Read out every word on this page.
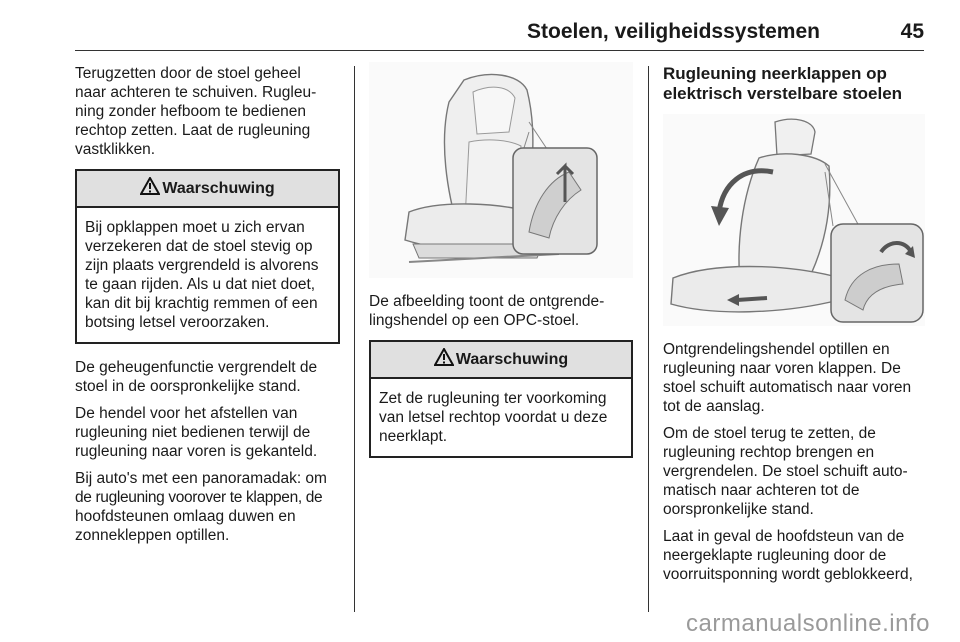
Stoelen, veiligheidssystemen	45

Terugzetten door de stoel geheel
naar achteren te schuiven. Rugleu-
ning zonder hefboom te bedienen
rechtop zetten. Laat de rugleuning
vastklikken.

Waarschuwing
Bij opklappen moet u zich ervan
verzekeren dat de stoel stevig op
zijn plaats vergrendeld is alvorens
te gaan rijden. Als u dat niet doet,
kan dit bij krachtig remmen of een
botsing letsel veroorzaken.

De geheugenfunctie vergrendelt de
stoel in de oorspronkelijke stand.

De hendel voor het afstellen van
rugleuning niet bedienen terwijl de
rugleuning naar voren is gekanteld.

Bij auto's met een panoramadak: om
de rugleuning voorover te klappen, de
hoofdsteunen omlaag duwen en
zonnekleppen optillen.

De afbeelding toont de ontgrende-
lingshendel op een OPC-stoel.

Waarschuwing
Zet de rugleuning ter voorkoming
van letsel rechtop voordat u deze
neerklapt.
Rugleuning neerklappen op
elektrisch verstelbare stoelen

Ontgrendelingshendel optillen en
rugleuning naar voren klappen. De
stoel schuift automatisch naar voren
tot de aanslag.

Om de stoel terug te zetten, de
rugleuning rechtop brengen en
vergrendelen. De stoel schuift auto-
matisch naar achteren tot de
oorspronkelijke stand.

Laat in geval de hoofdsteun van de
neergeklapte rugleuning door de
voorruitsponning wordt geblokkeerd,

carmanualsonline.info
